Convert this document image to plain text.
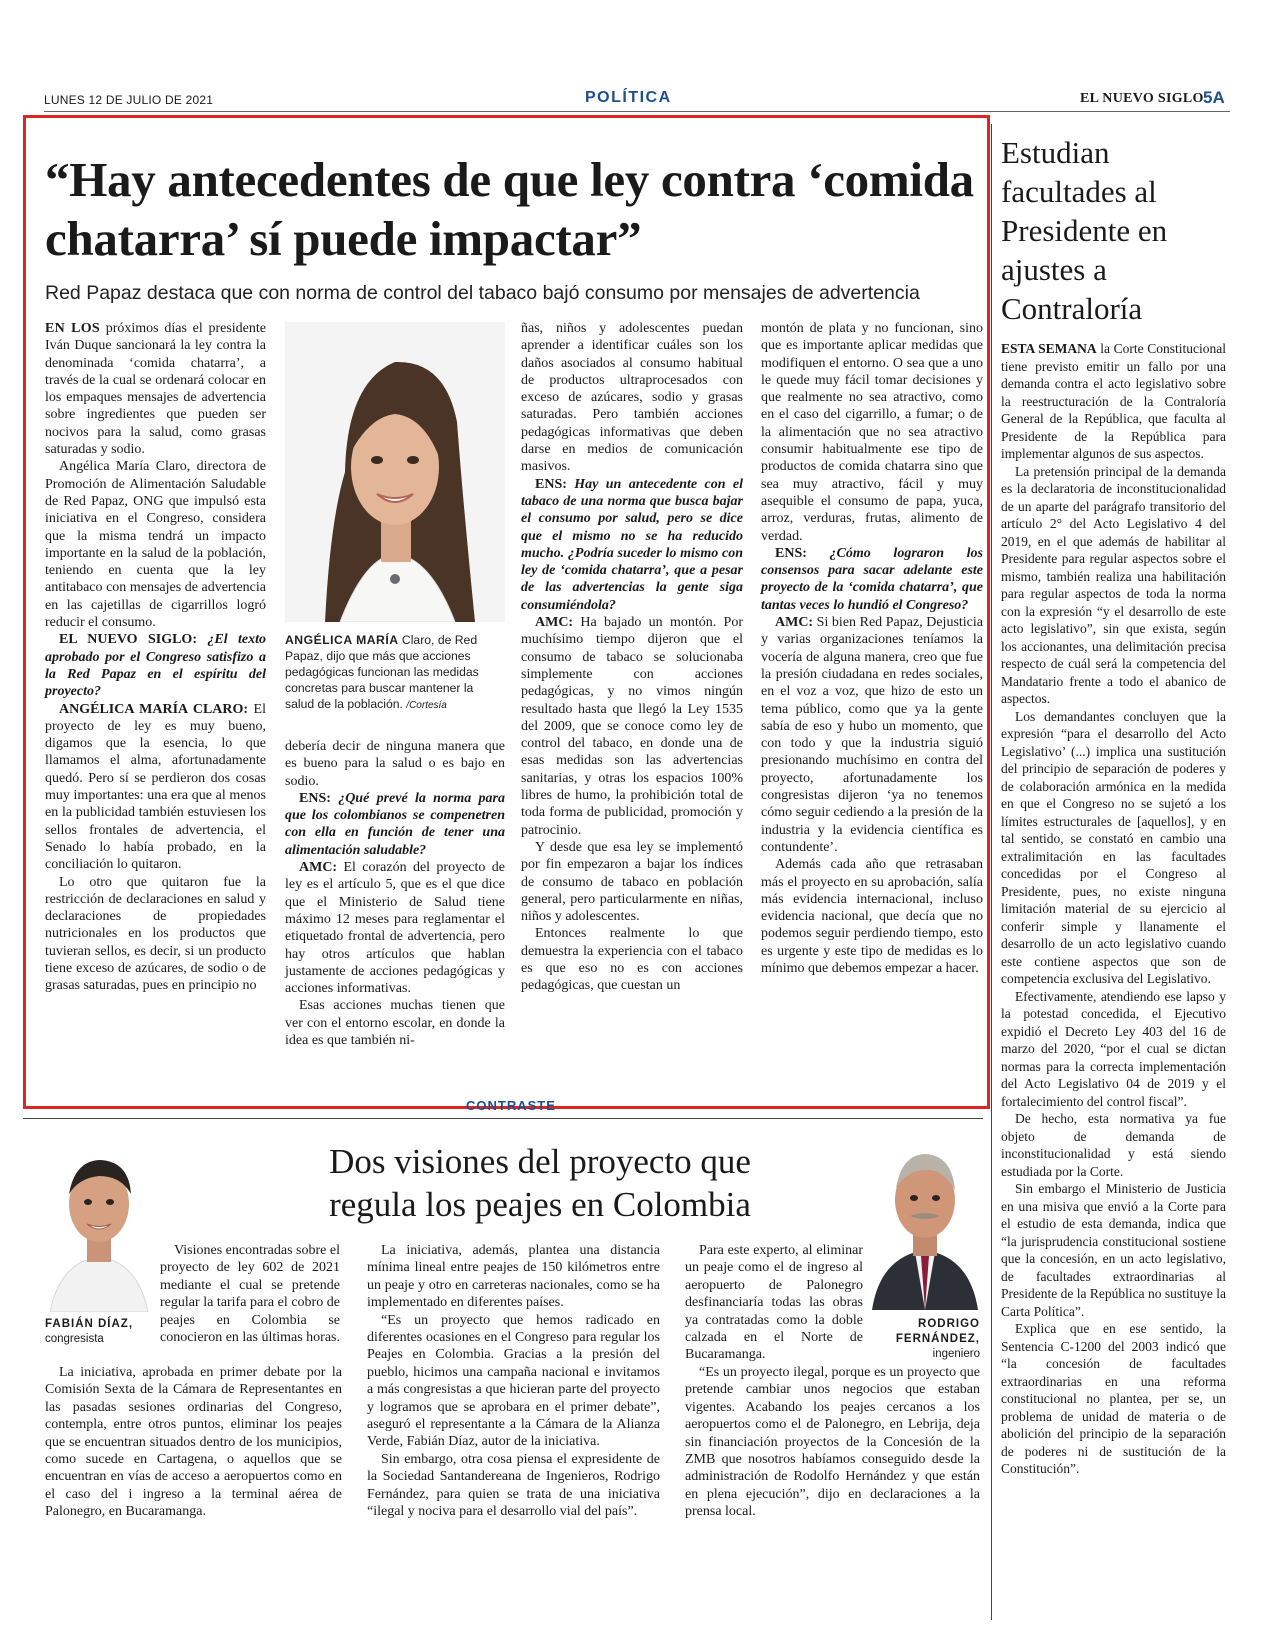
LUNES 12 DE JULIO DE 2021	POLÍTICA	EL NUEVO SIGLO 5A
“Hay antecedentes de que ley contra ‘comida chatarra’ sí puede impactar”
Red Papaz destaca que con norma de control del tabaco bajó consumo por mensajes de advertencia

EN LOS próximos días el presidente Iván Duque sancionará la ley contra la denominada ‘comida chatarra’, a través de la cual se ordenará colocar en los empaques mensajes de advertencia sobre ingredientes que pueden ser nocivos para la salud, como grasas saturadas y sodio.

Angélica María Claro, directora de Promoción de Alimentación Saludable de Red Papaz, ONG que impulsó esta iniciativa en el Congreso, considera que la misma tendrá un impacto importante en la salud de la población, teniendo en cuenta que la ley antitabaco con mensajes de advertencia en las cajetillas de cigarrillos logró reducir el consumo.

EL NUEVO SIGLO: ¿El texto aprobado por el Congreso satisfizo a la Red Papaz en el espíritu del proyecto?

ANGÉLICA MARÍA CLARO: El proyecto de ley es muy bueno, digamos que la esencia, lo que llamamos el alma, afortunadamente quedó. Pero sí se perdieron dos cosas muy importantes: una era que al menos en la publicidad también estuviesen los sellos frontales de advertencia, el Senado lo había probado, en la conciliación lo quitaron.

Lo otro que quitaron fue la restricción de declaraciones en salud y declaraciones de propiedades nutricionales en los productos que tuvieran sellos, es decir, si un producto tiene exceso de azúcares, de sodio o de grasas saturadas, pues en principio no

ANGÉLICA MARÍA Claro, de Red Papaz, dijo que más que acciones pedagógicas funcionan las medidas concretas para buscar mantener la salud de la población. /Cortesía

debería decir de ninguna manera que es bueno para la salud o es bajo en sodio.

ENS: ¿Qué prevé la norma para que los colombianos se compenetren con ella en función de tener una alimentación saludable?

AMC: El corazón del proyecto de ley es el artículo 5, que es el que dice que el Ministerio de Salud tiene máximo 12 meses para reglamentar el etiquetado frontal de advertencia, pero hay otros artículos que hablan justamente de acciones pedagógicas y acciones informativas.

Esas acciones muchas tienen que ver con el entorno escolar, en donde la idea es que también ni-

ñas, niños y adolescentes puedan aprender a identificar cuáles son los daños asociados al consumo habitual de productos ultraprocesados con exceso de azúcares, sodio y grasas saturadas. Pero también acciones pedagógicas informativas que deben darse en medios de comunicación masivos.

ENS: Hay un antecedente con el tabaco de una norma que busca bajar el consumo por salud, pero se dice que el mismo no se ha reducido mucho. ¿Podría suceder lo mismo con ley de ‘comida chatarra’, que a pesar de las advertencias la gente siga consumiéndola?

AMC: Ha bajado un montón. Por muchísimo tiempo dijeron que el consumo de tabaco se solucionaba simplemente con acciones pedagógicas, y no vimos ningún resultado hasta que llegó la Ley 1535 del 2009, que se conoce como ley de control del tabaco, en donde una de esas medidas son las advertencias sanitarias, y otras los espacios 100% libres de humo, la prohibición total de toda forma de publicidad, promoción y patrocinio.

Y desde que esa ley se implementó por fin empezaron a bajar los índices de consumo de tabaco en población general, pero particularmente en niñas, niños y adolescentes.

Entonces realmente lo que demuestra la experiencia con el tabaco es que eso no es con acciones pedagógicas, que cuestan un

montón de plata y no funcionan, sino que es importante aplicar medidas que modifiquen el entorno. O sea que a uno le quede muy fácil tomar decisiones y que realmente no sea atractivo, como en el caso del cigarrillo, a fumar; o de la alimentación que no sea atractivo consumir habitualmente ese tipo de productos de comida chatarra sino que sea muy atractivo, fácil y muy asequible el consumo de papa, yuca, arroz, verduras, frutas, alimento de verdad.

ENS: ¿Cómo lograron los consensos para sacar adelante este proyecto de la ‘comida chatarra’, que tantas veces lo hundió el Congreso?

AMC: Si bien Red Papaz, Dejusticia y varias organizaciones teníamos la vocería de alguna manera, creo que fue la presión ciudadana en redes sociales, en el voz a voz, que hizo de esto un tema público, como que ya la gente sabía de eso y hubo un momento, que con todo y que la industria siguió presionando muchísimo en contra del proyecto, afortunadamente los congresistas dijeron ‘ya no tenemos cómo seguir cediendo a la presión de la industria y la evidencia científica es contundente’.

Además cada año que retrasaban más el proyecto en su aprobación, salía más evidencia internacional, incluso evidencia nacional, que decía que no podemos seguir perdiendo tiempo, esto es urgente y este tipo de medidas es lo mínimo que debemos empezar a hacer.

Estudian facultades al Presidente en ajustes a Contraloría

ESTA SEMANA la Corte Constitucional tiene previsto emitir un fallo por una demanda contra el acto legislativo sobre la reestructuración de la Contraloría General de la República, que faculta al Presidente de la República para implementar algunos de sus aspectos.

La pretensión principal de la demanda es la declaratoria de inconstitucionalidad de un aparte del parágrafo transitorio del artículo 2° del Acto Legislativo 4 del 2019, en el que además de habilitar al Presidente para regular aspectos sobre el mismo, también realiza una habilitación para regular aspectos de toda la norma con la expresión “y el desarrollo de este acto legislativo”, sin que exista, según los accionantes, una delimitación precisa respecto de cuál será la competencia del Mandatario frente a todo el abanico de aspectos.

Los demandantes concluyen que la expresión “para el desarrollo del Acto Legislativo’ (...) implica una sustitución del principio de separación de poderes y de colaboración armónica en la medida en que el Congreso no se sujetó a los límites estructurales de [aquellos], y en tal sentido, se constató en cambio una extralimitación en las facultades concedidas por el Congreso al Presidente, pues, no existe ninguna limitación material de su ejercicio al conferir simple y llanamente el desarrollo de un acto legislativo cuando este contiene aspectos que son de competencia exclusiva del Legislativo.

Efectivamente, atendiendo ese lapso y la potestad concedida, el Ejecutivo expidió el Decreto Ley 403 del 16 de marzo del 2020, “por el cual se dictan normas para la correcta implementación del Acto Legislativo 04 de 2019 y el fortalecimiento del control fiscal”.

De hecho, esta normativa ya fue objeto de demanda de inconstitucionalidad y está siendo estudiada por la Corte.

Sin embargo el Ministerio de Justicia en una misiva que envió a la Corte para el estudio de esta demanda, indica que “la jurisprudencia constitucional sostiene que la concesión, en un acto legislativo, de facultades extraordinarias al Presidente de la República no sustituye la Carta Política”.

Explica que en ese sentido, la Sentencia C-1200 del 2003 indicó que “la concesión de facultades extraordinarias en una reforma constitucional no plantea, per se, un problema de unidad de materia o de abolición del principio de la separación de poderes ni de sustitución de la Constitución”.

CONTRASTE
Dos visiones del proyecto que regula los peajes en Colombia
FABIÁN DÍAZ,
congresista
RODRIGO FERNÁNDEZ,
ingeniero

Visiones encontradas sobre el proyecto de ley 602 de 2021 mediante el cual se pretende regular la tarifa para el cobro de peajes en Colombia se conocieron en las últimas horas.

La iniciativa, aprobada en primer debate por la Comisión Sexta de la Cámara de Representantes en las pasadas sesiones ordinarias del Congreso, contempla, entre otros puntos, eliminar los peajes que se encuentran situados dentro de los municipios, como sucede en Cartagena, o aquellos que se encuentran en vías de acceso a aeropuertos como en el caso del i ingreso a la terminal aérea de Palonegro, en Bucaramanga.

La iniciativa, además, plantea una distancia mínima lineal entre peajes de 150 kilómetros entre un peaje y otro en carreteras nacionales, como se ha implementado en diferentes países.

“Es un proyecto que hemos radicado en diferentes ocasiones en el Congreso para regular los Peajes en Colombia. Gracias a la presión del pueblo, hicimos una campaña nacional e invitamos a más congresistas a que hicieran parte del proyecto y logramos que se aprobara en el primer debate”, aseguró el representante a la Cámara de la Alianza Verde, Fabián Díaz, autor de la iniciativa.

Sin embargo, otra cosa piensa el expresidente de la Sociedad Santandereana de Ingenieros, Rodrigo Fernández, para quien se trata de una iniciativa “ilegal y nociva para el desarrollo vial del país”.

Para este experto, al eliminar un peaje como el de ingreso al aeropuerto de Palonegro desfinanciaría todas las obras ya contratadas como la doble calzada en el Norte de Bucaramanga.

“Es un proyecto ilegal, porque es un proyecto que pretende cambiar unos negocios que estaban vigentes. Acabando los peajes cercanos a los aeropuertos como el de Palonegro, en Lebrija, deja sin financiación proyectos de la Concesión de la ZMB que nosotros habíamos conseguido desde la administración de Rodolfo Hernández y que están en plena ejecución”, dijo en declaraciones a la prensa local.
